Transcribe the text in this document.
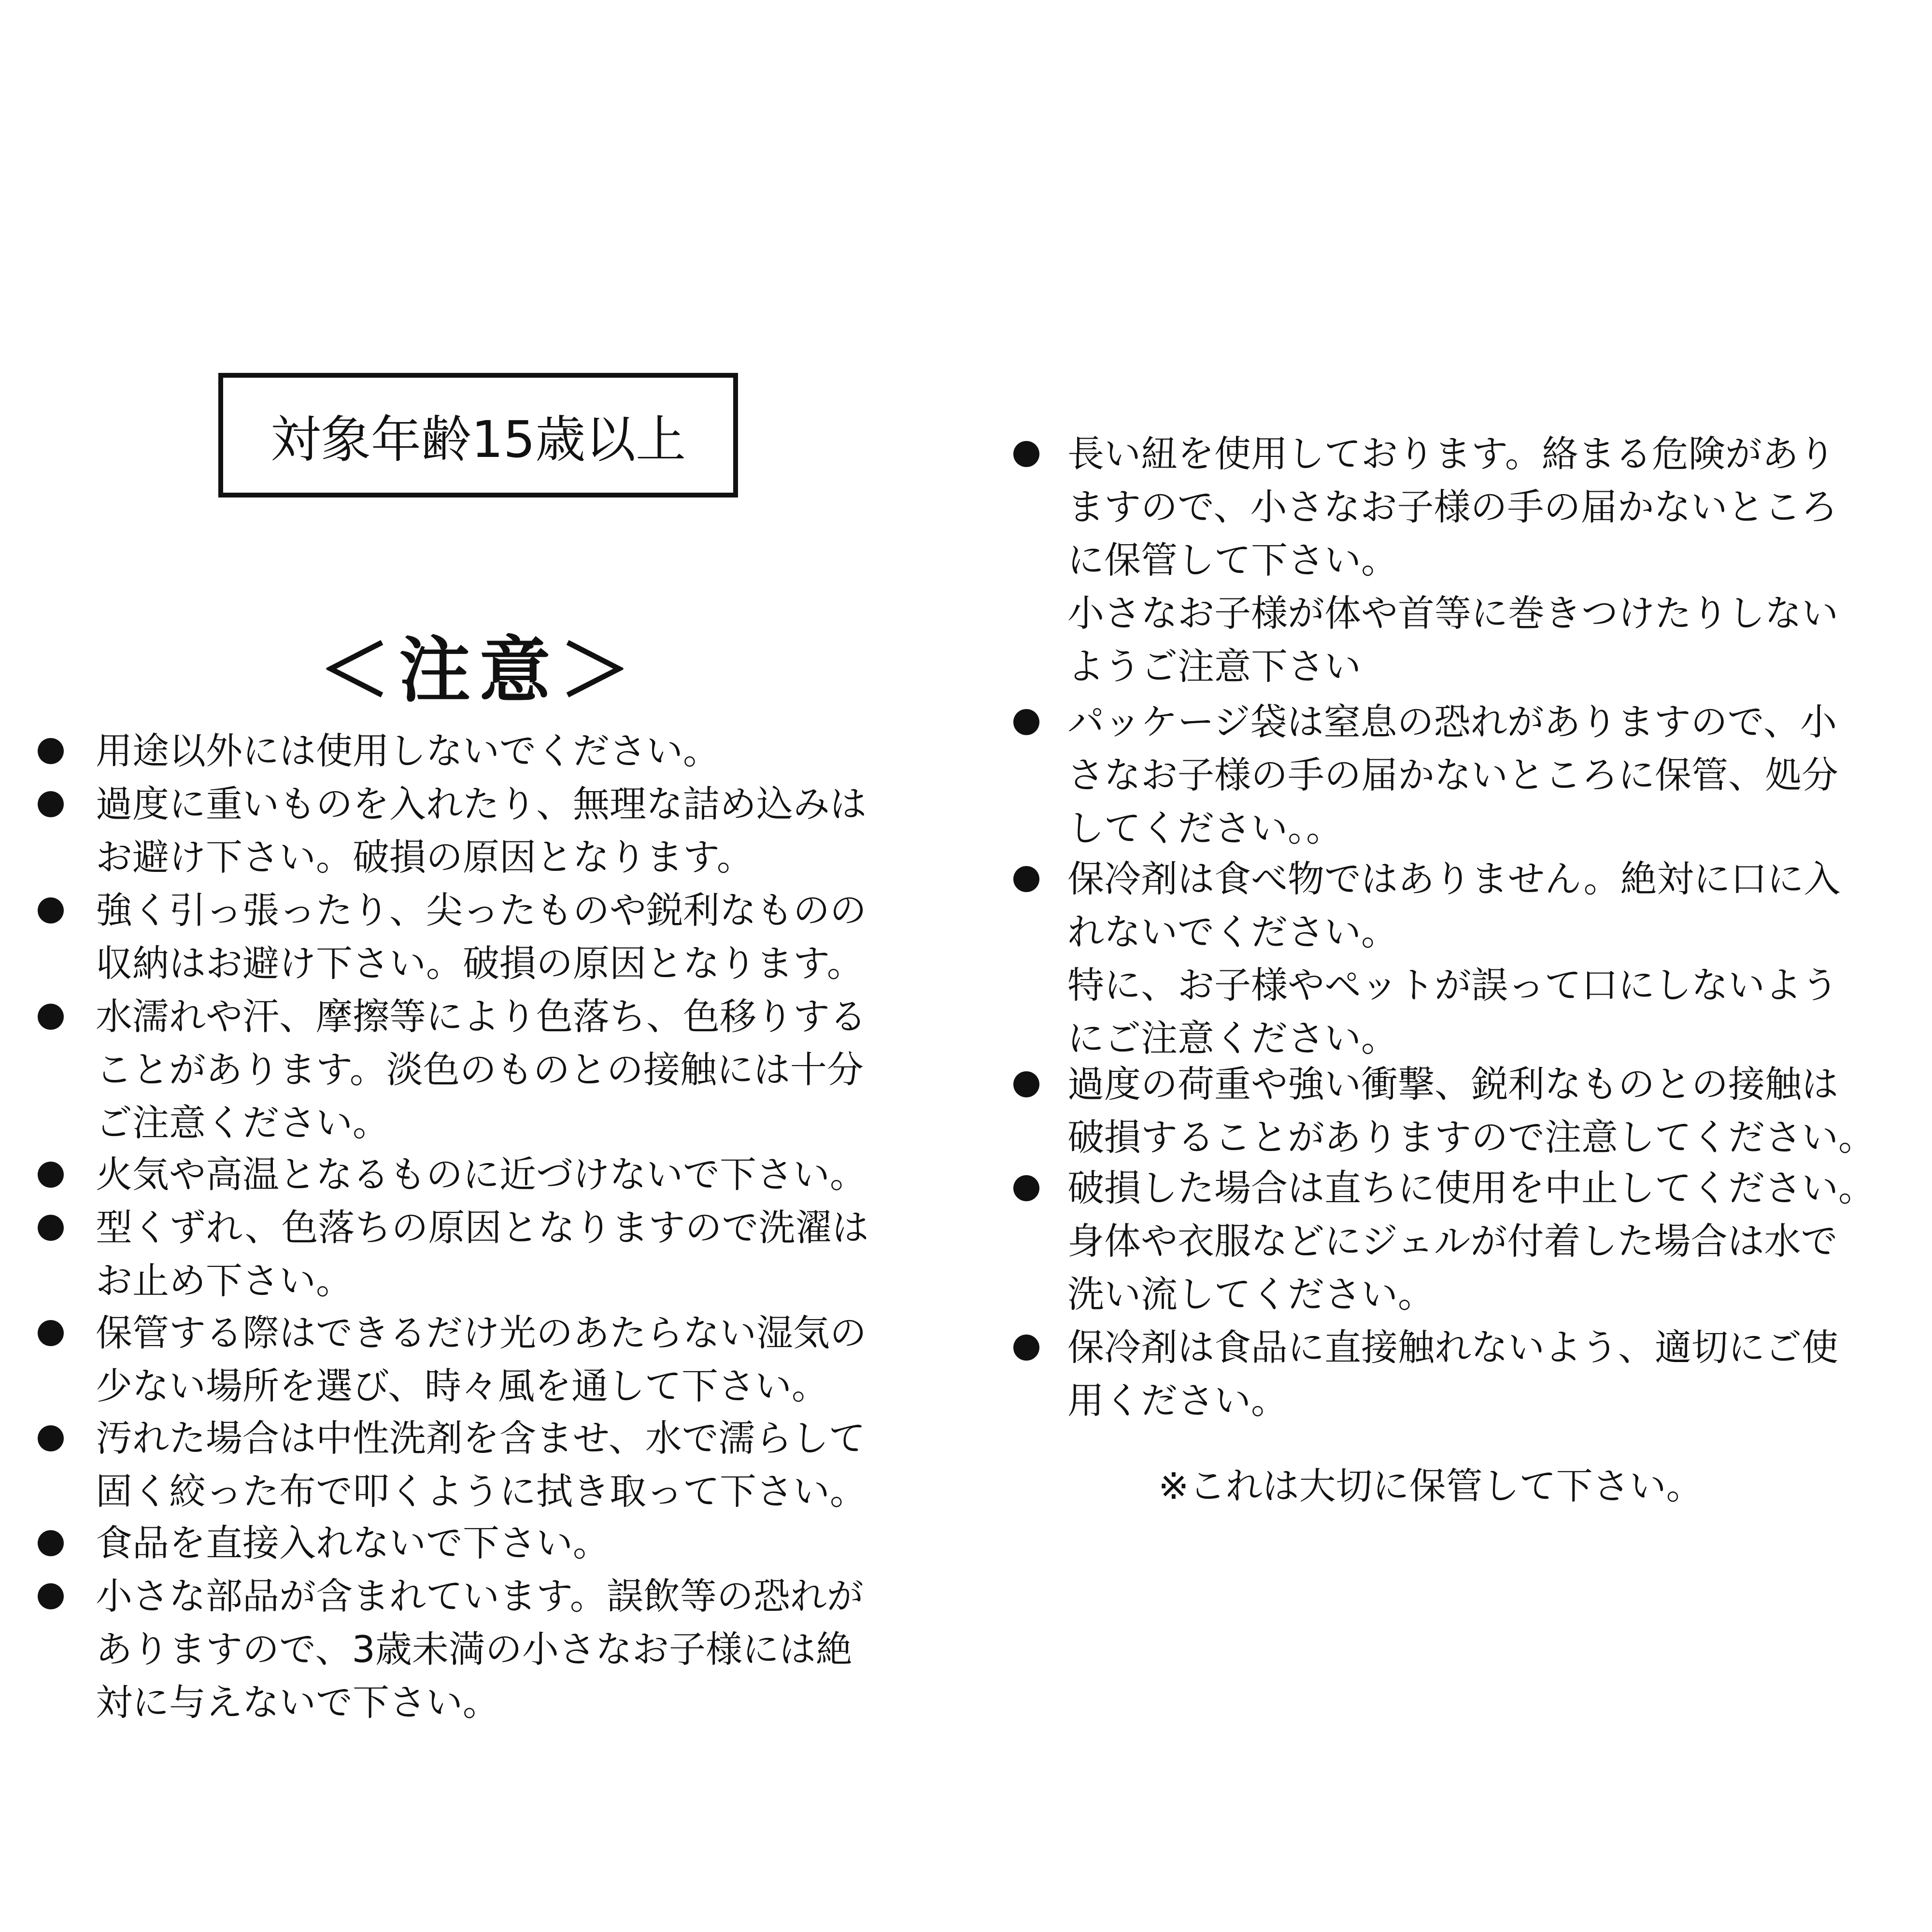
対象年齢15歳以上
＜注意＞
用途以外には使用しないでください。
過度に重いものを入れたり、無理な詰め込みは
お避け下さい。破損の原因となります。
強く引っ張ったり、尖ったものや鋭利なものの
収納はお避け下さい。破損の原因となります。
水濡れや汗、摩擦等により色落ち、色移りする
ことがあります。淡色のものとの接触には十分
ご注意ください。
火気や高温となるものに近づけないで下さい。
型くずれ、色落ちの原因となりますので洗濯は
お止め下さい。
保管する際はできるだけ光のあたらない湿気の
少ない場所を選び、時々風を通して下さい。
汚れた場合は中性洗剤を含ませ、水で濡らして
固く絞った布で叩くように拭き取って下さい。
食品を直接入れないで下さい。
小さな部品が含まれています。誤飲等の恐れが
ありますので、3歳未満の小さなお子様には絶
対に与えないで下さい。
長い紐を使用しております。絡まる危険があり
ますので、小さなお子様の手の届かないところ
に保管して下さい。
小さなお子様が体や首等に巻きつけたりしない
ようご注意下さい
パッケージ袋は窒息の恐れがありますので、小
さなお子様の手の届かないところに保管、処分
してください。。
保冷剤は食べ物ではありません。絶対に口に入
れないでください。
特に、お子様やペットが誤って口にしないよう
にご注意ください。
過度の荷重や強い衝撃、鋭利なものとの接触は
破損することがありますので注意してください。
破損した場合は直ちに使用を中止してください。
身体や衣服などにジェルが付着した場合は水で
洗い流してください。
保冷剤は食品に直接触れないよう、適切にご使
用ください。
※これは大切に保管して下さい。
